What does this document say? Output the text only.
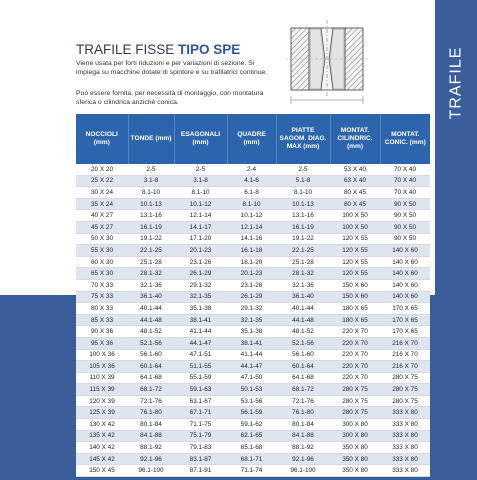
TRAFILE
TRAFILE FISSE TIPO SPE
Viene usata per forti riduzioni e per variazioni di sezione. Si impiega su macchine dotate di spintore e su trafilatrici continue.
Può essere fornita, per necessità di montaggio, con montatura sferica o cilindrica anzichè conica.
NOCCIOLI (mm)	TONDE (mm)	ESAGONALI (mm)	QUADRE (mm)	PIATTE SAGOM. DIAG. MAX (mm)	MONTAT. CILINDRIC. (mm)	MONTAT. CONIC. (mm)
20 X 20	2-5	2-5	2-4	2-5	53 X 40	70 X 40
25 X 22	3.1-8	3.1-8	4.1-6	5.1-8	63 X 40	70 X 40
30 X 24	8.1-10	8.1-10	6.1-8	8.1-10	80 X 45	70 X 40
35 X 24	10.1-13	10.1-12	8.1-10	10.1-13	80 X 45	90 X 50
40 X 27	13.1-16	12.1-14	10.1-12	13.1-16	100 X 50	90 X 50
45 X 27	16.1-19	14.1-17	12.1-14	16.1-19	100 X 50	90 X 50
50 X 30	19.1-22	17.1-20	14.1-16	19.1-22	120 X 55	90 X 50
55 X 30	22.1-25	20.1-23	16.1-18	22.1-25	120 X 55	140 X 60
60 X 30	25.1-28	23.1-26	18.1-20	25.1-28	120 X 55	140 X 60
65 X 30	28.1-32	26.1-29	20.1-23	28.1-32	120 X 55	140 X 60
70 X 33	32.1-36	29.1-32	23.1-26	32.1-36	150 X 60	140 X 60
75 X 33	36.1-40	32.1-35	26.1-29	36.1-40	150 X 60	140 X 60
80 X 33	40.1-44	35.1-38	29.1-32	40.1-44	180 X 65	170 X 65
85 X 33	44.1-48	38.1-41	32.1-35	44.1-48	180 X 65	170 X 65
90 X 36	48.1-52	41.1-44	35.1-38	48.1-52	220 X 70	170 X 65
95 X 36	52.1-56	44.1-47	38.1-41	52.1-56	220 X 70	216 X 70
100 X 36	56.1-60	47.1-51	41.1-44	56.1-60	220 X 70	216 X 70
105 X 36	60.1-64	51.1-55	44.1-47	60.1-64	220 X 70	216 X 70
110 X 39	64.1-68	55.1-59	47.1-50	64.1-68	220 X 70	280 X 75
115 X 39	68.1-72	59.1-63	50.1-53	68.1-72	280 X 75	280 X 75
120 X 39	72.1-76	63.1-67	53.1-56	72.1-76	280 X 75	280 X 75
125 X 39	76.1-80	67.1-71	56.1-59	76.1-80	280 X 75	333 X 80
130 X 42	80.1-84	71.1-75	59.1-62	80.1-84	300 X 80	333 X 80
135 X 42	84.1-88	75.1-79	62.1-65	84.1-88	300 X 80	333 X 80
140 X 42	88.1-92	79.1-83	65.1-68	88.1-92	350 X 80	333 X 80
145 X 42	92.1-96	83.1-87	68.1-71	92.1-96	350 X 80	333 X 80
150 X 45	96.1-100	87.1-91	71.1-74	96.1-100	350 X 80	333 X 80
